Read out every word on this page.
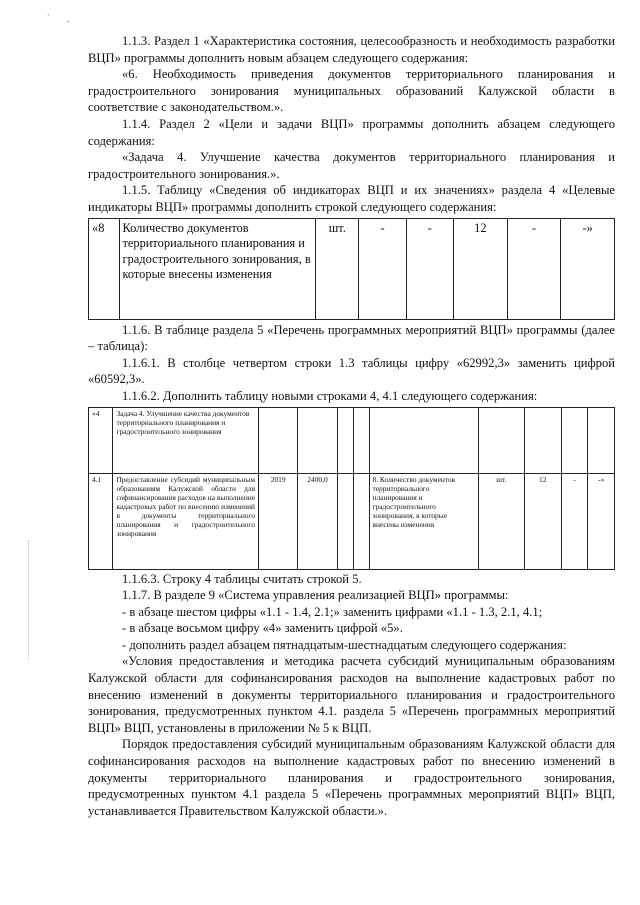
` -

1.1.3. Раздел 1 «Характеристика состояния, целесообразность и необходимость разработки ВЦП» программы дополнить новым абзацем следующего содержания:

«6. Необходимость приведения документов территориального планирования и градостроительного зонирования муниципальных образований Калужской области в соответствие с законодательством.».

1.1.4. Раздел 2 «Цели и задачи ВЦП» программы дополнить абзацем следующего содержания:

«Задача 4. Улучшение качества документов территориального планирования и градостроительного зонирования.».

1.1.5. Таблицу «Сведения об индикаторах ВЦП и их значениях» раздела 4 «Целевые индикаторы ВЦП» программы дополнить строкой следующего содержания:

«8	Количество документов территориального планирования и градостроительного зонирования, в которые внесены изменения	шт.	-	-	12	-	-»

1.1.6. В таблице раздела 5 «Перечень программных мероприятий ВЦП» программы (далее – таблица):

1.1.6.1. В столбце четвертом строки 1.3 таблицы цифру «62992,3» заменить цифрой «60592,3».

1.1.6.2. Дополнить таблицу новыми строками 4, 4.1 следующего содержания:

«4	Задача 4. Улучшение качества документов территориального планирования и градостроительного зонирования									
4.1	Предоставление субсидий муниципальным образованиям Калужской области для софинансирования расходов на выполнение кадастровых работ по внесению изменений в документы территориального планирования и градостроительного зонирования	2019	2400,0			8. Количество документов территориального планирования и градостроительного зонирования, в которые внесены изменения	шт.	12	-	-»

1.1.6.3. Строку 4 таблицы считать строкой 5.

1.1.7. В разделе 9 «Система управления реализацией ВЦП» программы:

- в абзаце шестом цифры «1.1 - 1.4, 2.1;» заменить цифрами «1.1 - 1.3, 2.1, 4.1;

- в абзаце восьмом цифру «4» заменить цифрой «5».

- дополнить раздел абзацем пятнадцатым-шестнадцатым следующего содержания:

«Условия предоставления и методика расчета субсидий муниципальным образованиям Калужской области для софинансирования расходов на выполнение кадастровых работ по внесению изменений в документы территориального планирования и градостроительного зонирования, предусмотренных пунктом 4.1. раздела 5 «Перечень программных мероприятий ВЦП» ВЦП, установлены в приложении № 5 к ВЦП.

Порядок предоставления субсидий муниципальным образованиям Калужской области для софинансирования расходов на выполнение кадастровых работ по внесению изменений в документы территориального планирования и градостроительного зонирования, предусмотренных пунктом 4.1 раздела 5 «Перечень программных мероприятий ВЦП» ВЦП, устанавливается Правительством Калужской области.».
